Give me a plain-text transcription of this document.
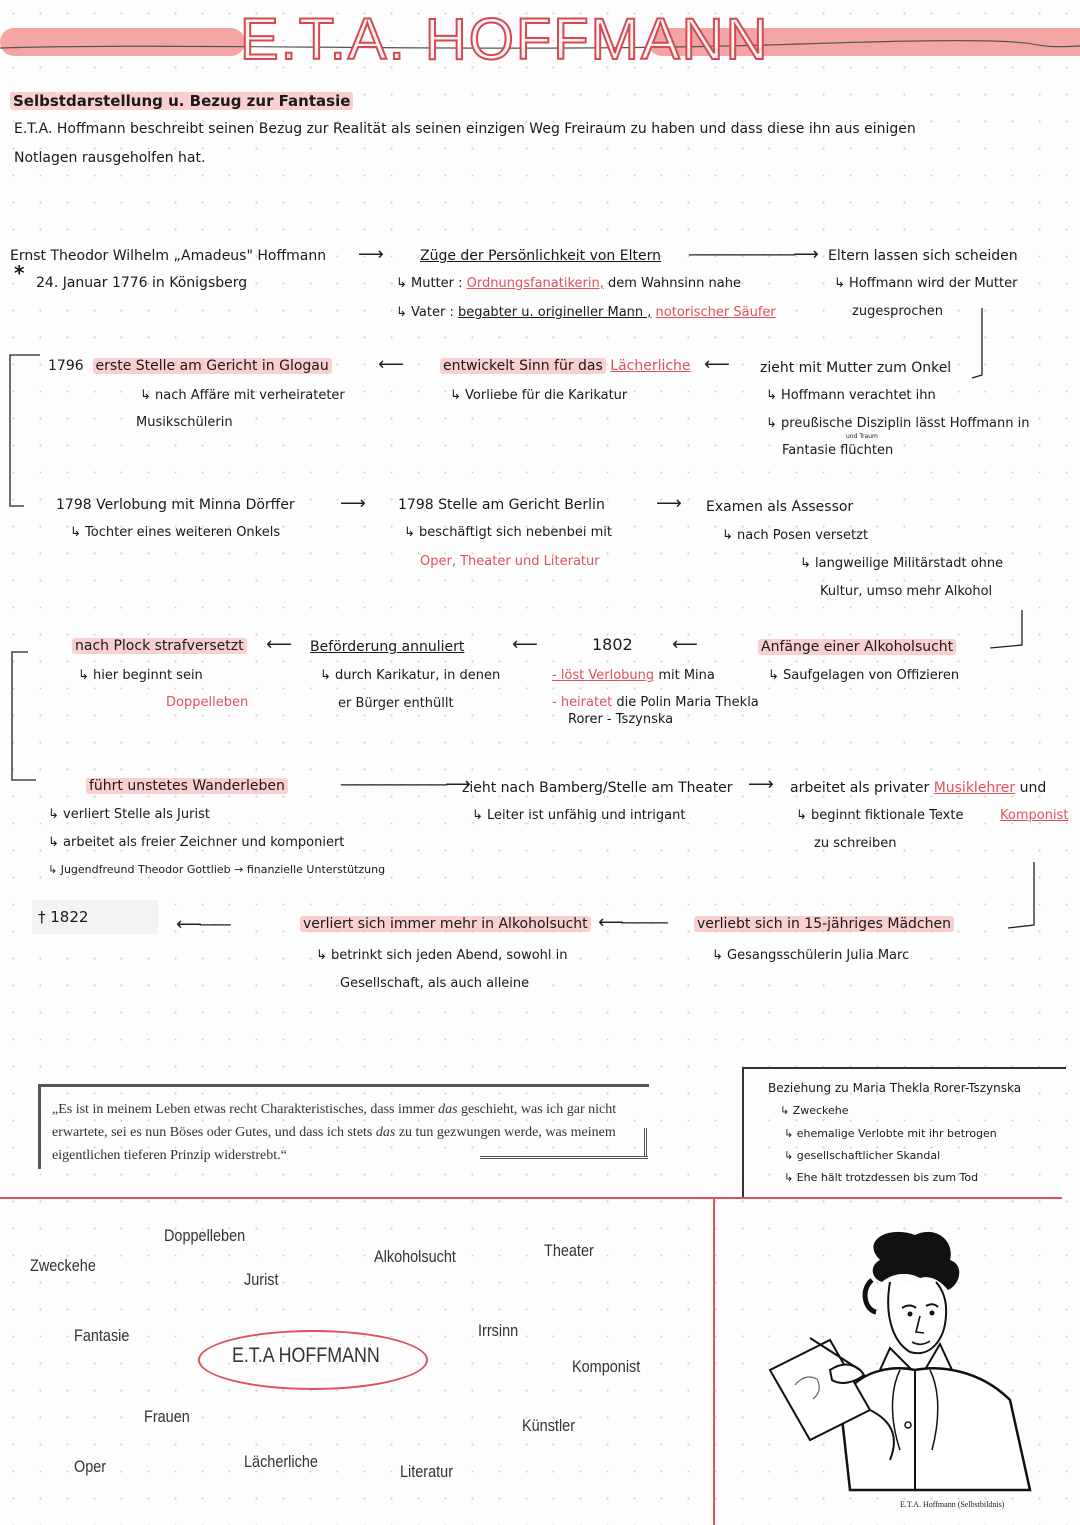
E.T.A. HOFFMANN
Selbstdarstellung u. Bezug zur Fantasie
E.T.A. Hoffmann beschreibt seinen Bezug zur Realität als seinen einzigen Weg Freiraum zu haben und dass diese ihn aus einigen
Notlagen rausgeholfen hat.
Ernst Theodor Wilhelm „Amadeus" Hoffmann
* 24. Januar 1776 in Königsberg
⟶	Züge der Persönlichkeit von Eltern
↳ Mutter : Ordnungsfanatikerin, dem Wahnsinn nahe
↳ Vater : begabter u. origineller Mann , notorischer Säufer
———————⟶ Eltern lassen sich scheiden
↳ Hoffmann wird der Mutter
zugesprochen
1796 erste Stelle am Gericht in Glogau
↳ nach Affäre mit verheirateter
Musikschülerin
⟵	entwickelt Sinn für das Lächerliche ⟵
↳ Vorliebe für die Karikatur
zieht mit Mutter zum Onkel
↳ Hoffmann verachtet ihn
↳ preußische Disziplin lässt Hoffmann in
und Traum
Fantasie flüchten
1798 Verlobung mit Minna Dörffer
↳ Tochter eines weiteren Onkels
⟶ 1798 Stelle am Gericht Berlin
↳ beschäftigt sich nebenbei mit
Oper, Theater und Literatur
⟶ Examen als Assessor
↳ nach Posen versetzt
↳ langweilige Militärstadt ohne
Kultur, umso mehr Alkohol
nach Plock strafversetzt ⟵
↳ hier beginnt sein
Doppelleben
Beförderung annuliert
↳ durch Karikatur, in denen
er Bürger enthüllt
⟵	1802 ⟵
- löst Verlobung mit Mina
- heiratet die Polin Maria Thekla
Rorer - Tszynska
Anfänge einer Alkoholsucht
↳ Saufgelagen von Offizieren
führt unstetes Wanderleben
↳ verliert Stelle als Jurist
↳ arbeitet als freier Zeichner und komponiert
↳ Jugendfreund Theodor Gottlieb → finanzielle Unterstützung
———————⟶
zieht nach Bamberg/Stelle am Theater
↳ Leiter ist unfähig und intrigant
⟶ arbeitet als privater Musiklehrer und
↳ beginnt fiktionale Texte	Komponist
zu schreiben
† 1822	⟵——	verliert sich immer mehr in Alkoholsucht ⟵———
↳ betrinkt sich jeden Abend, sowohl in
Gesellschaft, als auch alleine
verliebt sich in 15-jähriges Mädchen
↳ Gesangsschülerin Julia Marc
„Es ist in meinem Leben etwas recht Charakteristisches, dass immer das geschieht, was ich gar nicht erwartete, sei es nun Böses oder Gutes, und dass ich stets das zu tun gezwungen werde, was meinem eigentlichen tieferen Prinzip widerstrebt.“
Beziehung zu Maria Thekla Rorer-Tszynska
↳ Zweckehe
↳ ehemalige Verlobte mit ihr betrogen
↳ gesellschaftlicher Skandal
↳ Ehe hält trotzdessen bis zum Tod
E.T.A HOFFMANN
Zweckehe
Doppelleben
Jurist
Alkoholsucht	Theater
Irrsinn
Fantasie
Komponist
Frauen	Künstler
Oper	Lächerliche
Literatur
E.T.A. Hoffmann (Selbstbildnis)
